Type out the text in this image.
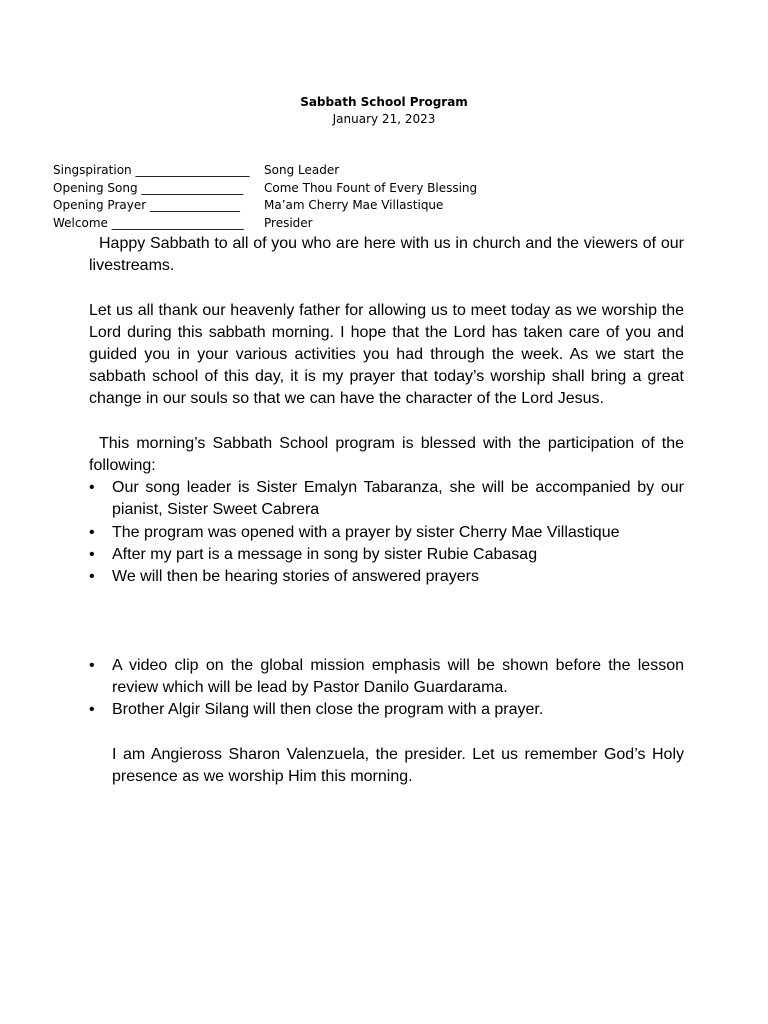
Sabbath School Program
January 21, 2023
Singspiration ___________________	Song Leader
Opening Song _________________	Come Thou Fount of Every Blessing
Opening Prayer _______________	Ma’am Cherry Mae Villastique
Welcome ______________________	Presider

Happy Sabbath to all of you who are here with us in church and the viewers of our livestreams.

Let us all thank our heavenly father for allowing us to meet today as we worship the Lord during this sabbath morning. I hope that the Lord has taken care of you and guided you in your various activities you had through the week. As we start the sabbath school of this day, it is my prayer that today’s worship shall bring a great change in our souls so that we can have the character of the Lord Jesus.

This morning’s Sabbath School program is blessed with the participation of the following:

• Our song leader is Sister Emalyn Tabaranza, she will be accompanied by our pianist, Sister Sweet Cabrera
• The program was opened with a prayer by sister Cherry Mae Villastique
• After my part is a message in song by sister Rubie Cabasag
• We will then be hearing stories of answered prayers
• A video clip on the global mission emphasis will be shown before the lesson review which will be lead by Pastor Danilo Guardarama.
• Brother Algir Silang will then close the program with a prayer.

I am Angieross Sharon Valenzuela, the presider. Let us remember God’s Holy presence as we worship Him this morning.
